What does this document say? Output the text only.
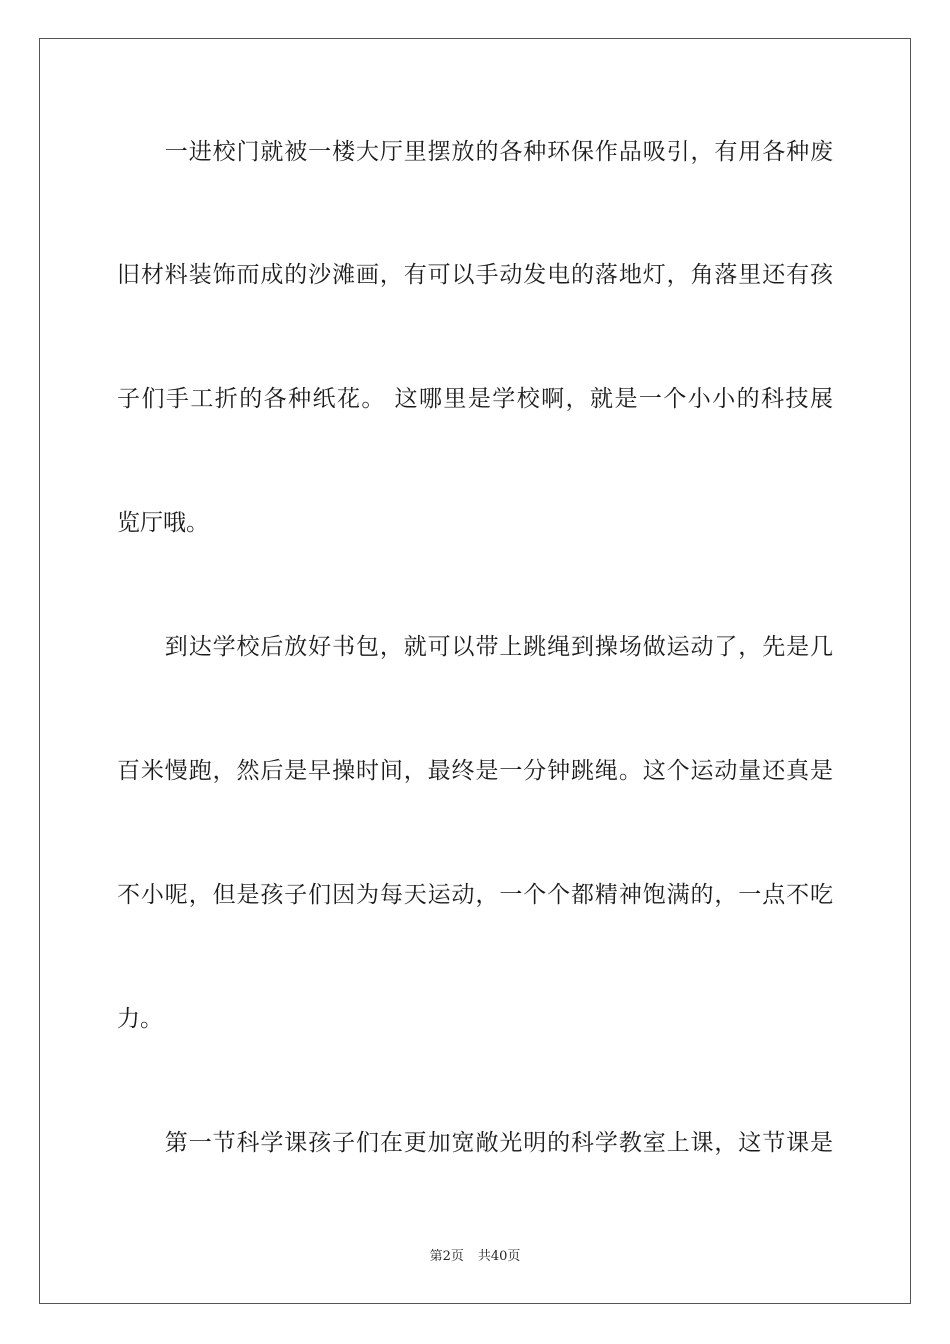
　　一进校门就被一楼大厅里摆放的各种环保作品吸引，有用各种废
旧材料装饰而成的沙滩画，有可以手动发电的落地灯，角落里还有孩
子们手工折的各种纸花。 这哪里是学校啊，就是一个小小的科技展
览厅哦。
　　到达学校后放好书包，就可以带上跳绳到操场做运动了，先是几
百米慢跑，然后是早操时间，最终是一分钟跳绳。这个运动量还真是
不小呢，但是孩子们因为每天运动，一个个都精神饱满的，一点不吃
力。
　　第一节科学课孩子们在更加宽敞光明的科学教室上课，这节课是
第2页 共40页
